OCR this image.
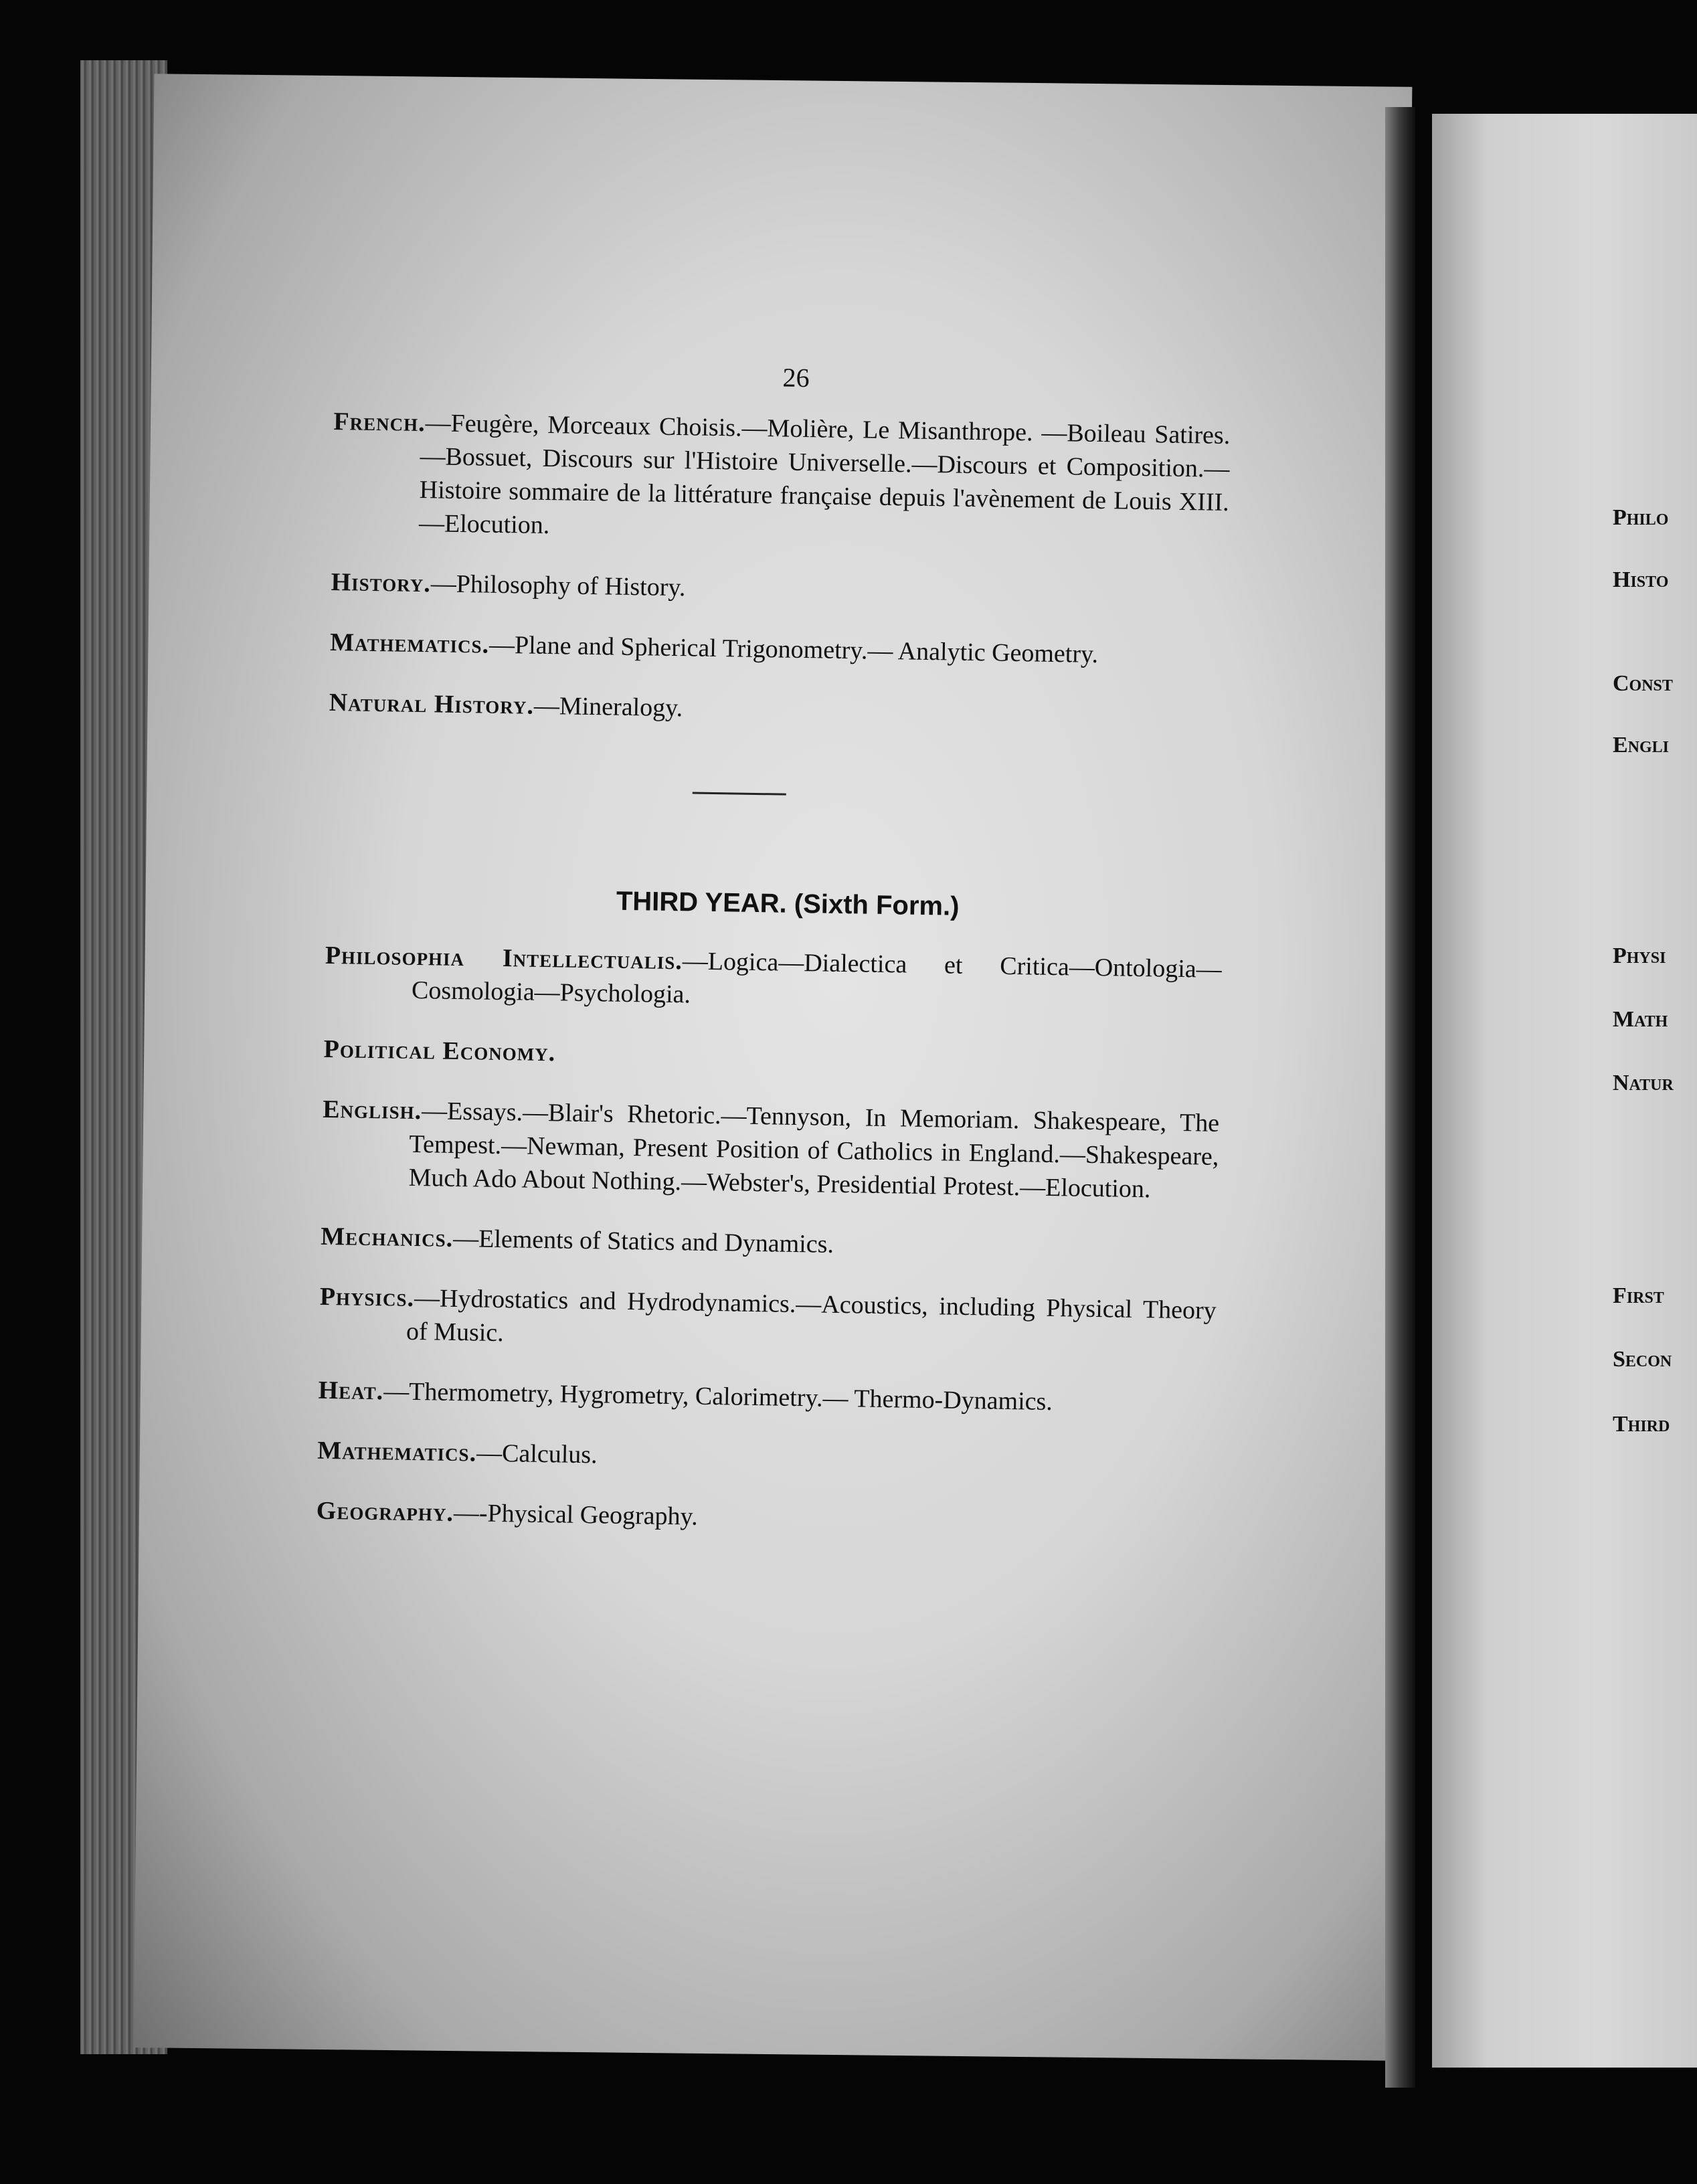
26
French.—Feugère, Morceaux Choisis.—Molière, Le Misanthrope. —Boileau Satires.—Bossuet, Discours sur l'Histoire Universelle.—Discours et Composition.—Histoire sommaire de la littérature française depuis l'avènement de Louis XIII. —Elocution.
History.—Philosophy of History.
Mathematics.—Plane and Spherical Trigonometry.— Analytic Geometry.
Natural History.—Mineralogy.
THIRD YEAR. (Sixth Form.)
Philosophia Intellectualis.—Logica—Dialectica et Critica—Ontologia—Cosmologia—Psychologia.
Political Economy.
English.—Essays.—Blair's Rhetoric.—Tennyson, In Memoriam. Shakespeare, The Tempest.—Newman, Present Position of Catholics in England.—Shakespeare, Much Ado About Nothing.—Webster's, Presidential Protest.—Elocution.
Mechanics.—Elements of Statics and Dynamics.
Physics.—Hydrostatics and Hydrodynamics.—Acoustics, including Physical Theory of Music.
Heat.—Thermometry, Hygrometry, Calorimetry.— Thermo-Dynamics.
Mathematics.—Calculus.
Geography.—-Physical Geography.
Philo
Histo
Const
Engli
Physi
Math
Natur
First
Secon
Third
